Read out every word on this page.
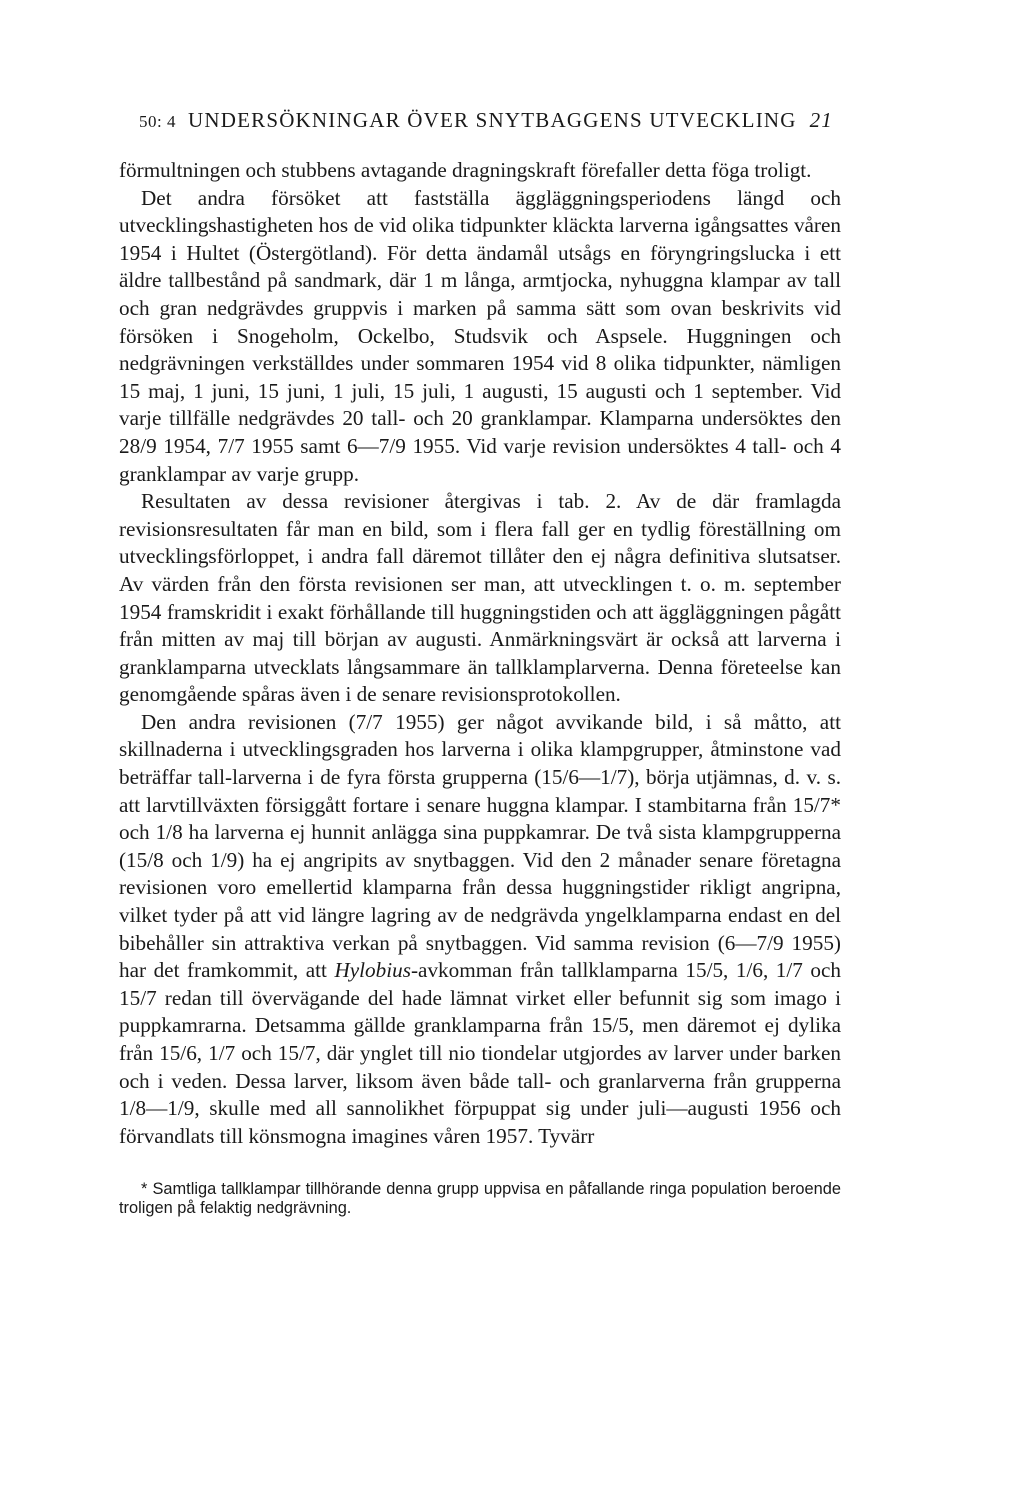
50: 4 UNDERSÖKNINGAR ÖVER SNYTBAGGENS UTVECKLING 21

förmultningen och stubbens avtagande dragningskraft förefaller detta föga troligt.

Det andra försöket att fastställa äggläggningsperiodens längd och utvecklingshastigheten hos de vid olika tidpunkter kläckta larverna igångsattes våren 1954 i Hultet (Östergötland). För detta ändamål utsågs en föryngringslucka i ett äldre tallbestånd på sandmark, där 1 m långa, armtjocka, nyhuggna klampar av tall och gran nedgrävdes gruppvis i marken på samma sätt som ovan beskrivits vid försöken i Snogeholm, Ockelbo, Studsvik och Aspsele. Huggningen och nedgrävningen verkställdes under sommaren 1954 vid 8 olika tidpunkter, nämligen 15 maj, 1 juni, 15 juni, 1 juli, 15 juli, 1 augusti, 15 augusti och 1 september. Vid varje tillfälle nedgrävdes 20 tall- och 20 granklampar. Klamparna undersöktes den 28/9 1954, 7/7 1955 samt 6—7/9 1955. Vid varje revision undersöktes 4 tall- och 4 granklampar av varje grupp.

Resultaten av dessa revisioner återgivas i tab. 2. Av de där framlagda revisionsresultaten får man en bild, som i flera fall ger en tydlig föreställning om utvecklingsförloppet, i andra fall däremot tillåter den ej några definitiva slutsatser. Av värden från den första revisionen ser man, att utvecklingen t. o. m. september 1954 framskridit i exakt förhållande till huggningstiden och att äggläggningen pågått från mitten av maj till början av augusti. Anmärkningsvärt är också att larverna i granklamparna utvecklats långsammare än tallklamplarverna. Denna företeelse kan genomgående spåras även i de senare revisionsprotokollen.

Den andra revisionen (7/7 1955) ger något avvikande bild, i så måtto, att skillnaderna i utvecklingsgraden hos larverna i olika klampgrupper, åtminstone vad beträffar tall-larverna i de fyra första grupperna (15/6—1/7), börja utjämnas, d. v. s. att larvtillväxten försiggått fortare i senare huggna klampar. I stambitarna från 15/7* och 1/8 ha larverna ej hunnit anlägga sina puppkamrar. De två sista klampgrupperna (15/8 och 1/9) ha ej angripits av snytbaggen. Vid den 2 månader senare företagna revisionen voro emellertid klamparna från dessa huggningstider rikligt angripna, vilket tyder på att vid längre lagring av de nedgrävda yngelklamparna endast en del bibehåller sin attraktiva verkan på snytbaggen. Vid samma revision (6—7/9 1955) har det framkommit, att Hylobius-avkomman från tallklamparna 15/5, 1/6, 1/7 och 15/7 redan till övervägande del hade lämnat virket eller befunnit sig som imago i puppkamrarna. Detsamma gällde granklamparna från 15/5, men däremot ej dylika från 15/6, 1/7 och 15/7, där ynglet till nio tiondelar utgjordes av larver under barken och i veden. Dessa larver, liksom även både tall- och granlarverna från grupperna 1/8—1/9, skulle med all sannolikhet förpuppat sig under juli—augusti 1956 och förvandlats till könsmogna imagines våren 1957. Tyvärr

* Samtliga tallklampar tillhörande denna grupp uppvisa en påfallande ringa population beroende troligen på felaktig nedgrävning.
